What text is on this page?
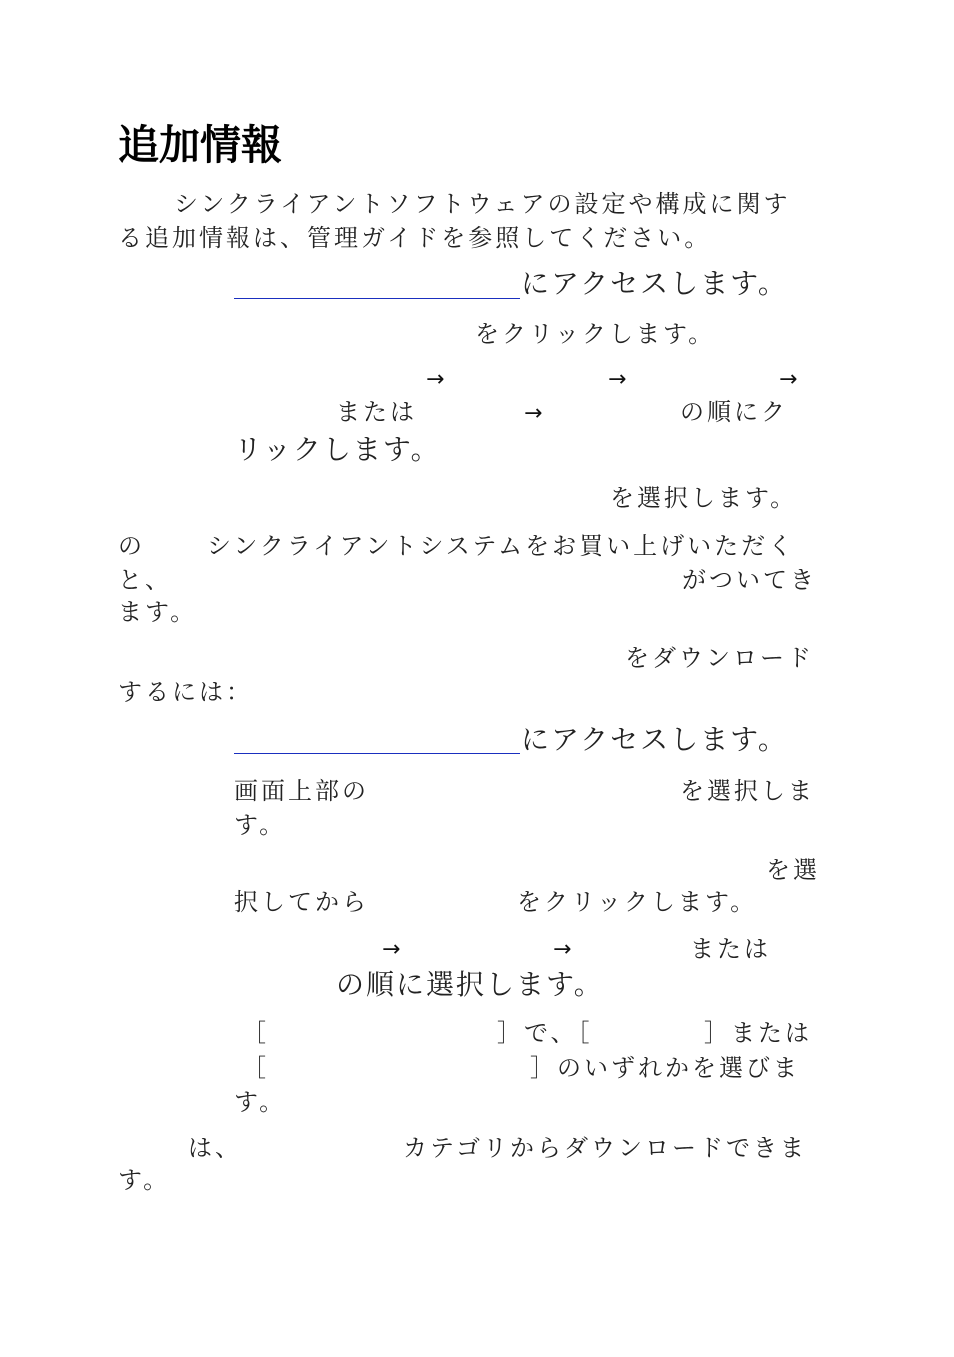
追加情報
シンクライアントソフトウェアの設定や構成に関す
る追加情報は、管理ガイドを参照してください。
にアクセスします。
をクリックします。
→	→	→
または	→	の順にク
リックします。
を選択します。
の	シンクライアントシステムをお買い上げいただく
と、	がついてき
ます。
をダウンロード
するには：
にアクセスします。
画面上部の	を選択しま
す。
を選
択してから	をクリックします。
→	→	または
の順に選択します。
［	］で、［	］または
［	］のいずれかを選びま
す。
は、	カテゴリからダウンロードできま
す。
